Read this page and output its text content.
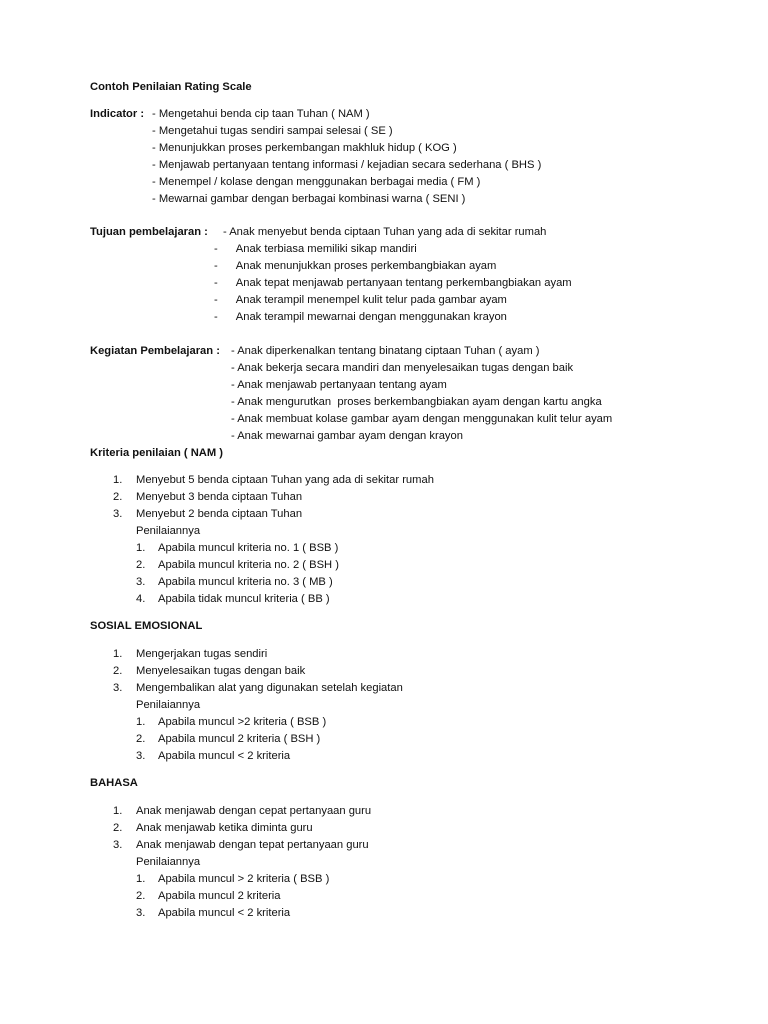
Contoh Penilaian Rating Scale
Indicator : - Mengetahui benda cip taan Tuhan ( NAM )
- Mengetahui tugas sendiri sampai selesai ( SE )
- Menunjukkan proses perkembangan makhluk hidup ( KOG )
- Menjawab pertanyaan tentang informasi / kejadian secara sederhana ( BHS )
- Menempel / kolase dengan menggunakan berbagai media ( FM )
- Mewarnai gambar dengan berbagai kombinasi warna ( SENI )
Tujuan pembelajaran : - Anak menyebut benda ciptaan Tuhan yang ada di sekitar rumah
-      Anak terbiasa memiliki sikap mandiri
-      Anak menunjukkan proses perkembangbiakan ayam
-      Anak tepat menjawab pertanyaan tentang perkembangbiakan ayam
-      Anak terampil menempel kulit telur pada gambar ayam
-      Anak terampil mewarnai dengan menggunakan krayon
Kegiatan Pembelajaran : - Anak diperkenalkan tentang binatang ciptaan Tuhan ( ayam )
- Anak bekerja secara mandiri dan menyelesaikan tugas dengan baik
- Anak menjawab pertanyaan tentang ayam
- Anak mengurutkan  proses berkembangbiakan ayam dengan kartu angka
- Anak membuat kolase gambar ayam dengan menggunakan kulit telur ayam
- Anak mewarnai gambar ayam dengan krayon
Kriteria penilaian ( NAM )
1. Menyebut 5 benda ciptaan Tuhan yang ada di sekitar rumah
2. Menyebut 3 benda ciptaan Tuhan
3. Menyebut 2 benda ciptaan Tuhan
Penilaiannya
1. Apabila muncul kriteria no. 1 ( BSB )
2. Apabila muncul kriteria no. 2 ( BSH )
3. Apabila muncul kriteria no. 3 ( MB )
4. Apabila tidak muncul kriteria ( BB )
SOSIAL EMOSIONAL
1. Mengerjakan tugas sendiri
2. Menyelesaikan tugas dengan baik
3. Mengembalikan alat yang digunakan setelah kegiatan
Penilaiannya
1. Apabila muncul >2 kriteria ( BSB )
2. Apabila muncul 2 kriteria ( BSH )
3. Apabila muncul < 2 kriteria
BAHASA
1. Anak menjawab dengan cepat pertanyaan guru
2. Anak menjawab ketika diminta guru
3. Anak menjawab dengan tepat pertanyaan guru
Penilaiannya
1. Apabila muncul > 2 kriteria ( BSB )
2. Apabila muncul 2 kriteria
3. Apabila muncul < 2 kriteria
